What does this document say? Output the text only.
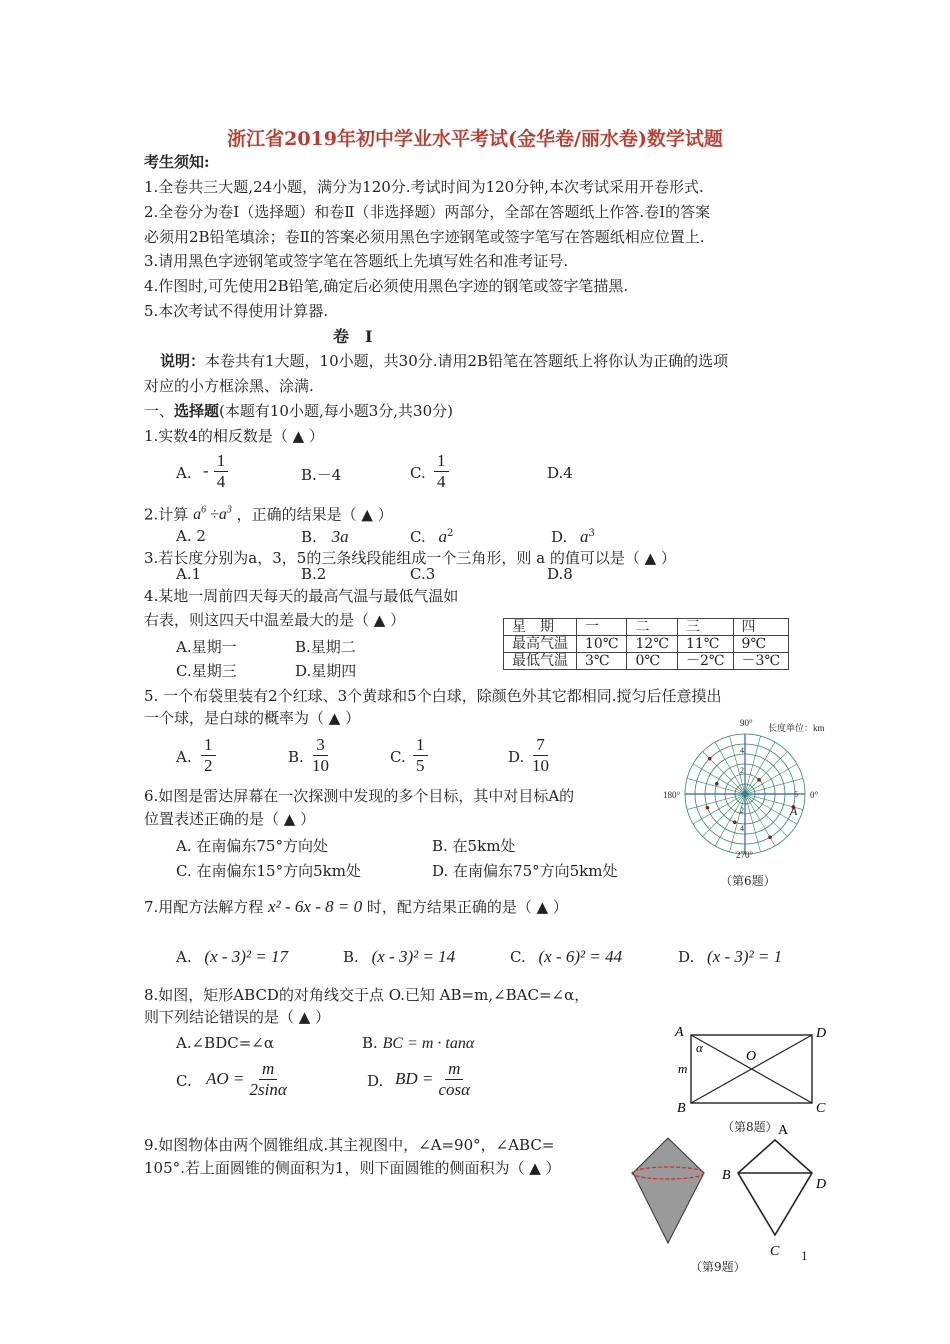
浙江省2019年初中学业水平考试(金华卷/丽水卷)数学试题
考生须知:
1.全卷共三大题,24小题，满分为120分.考试时间为120分钟,本次考试采用开卷形式.
2.全卷分为卷Ⅰ（选择题）和卷Ⅱ（非选择题）两部分，全部在答题纸上作答.卷Ⅰ的答案
必须用2B铅笔填涂；卷Ⅱ的答案必须用黑色字迹钢笔或签字笔写在答题纸相应位置上.
3.请用黑色字迹钢笔或签字笔在答题纸上先填写姓名和准考证号.
4.作图时,可先使用2B铅笔,确定后必须使用黑色字迹的钢笔或签字笔描黑.
5.本次考试不得使用计算器.
卷　Ⅰ
说明：本卷共有1大题，10小题，共30分.请用2B铅笔在答题纸上将你认为正确的选项
对应的小方框涂黑、涂满.
一、选择题(本题有10小题,每小题3分,共30分)
1.实数4的相反数是（ ▲ ）
A. - $\frac{1}{4}$	B.－4	C. $\frac{1}{4}$	D.4
2.计算 $a^6 \div a^3$ ，正确的结果是（ ▲ ）
A. 2	B. 3a	C. $a^2$	D. $a^3$
3.若长度分别为a，3，5的三条线段能组成一个三角形，则 a 的值可以是（ ▲ ）
A.1	B.2	C.3	D.8
4.某地一周前四天每天的最高气温与最低气温如
右表，则这四天中温差最大的是（ ▲ ）
A.星期一	B.星期二
C.星期三	D.星期四
星　期	一	二	三	四
最高气温	10℃	12℃	11℃	9℃
最低气温	3℃	0℃	－2℃	－3℃
5. 一个布袋里装有2个红球、3个黄球和5个白球，除颜色外其它都相同.搅匀后任意摸出
一个球，是白球的概率为（ ▲ ）
A. $\frac{1}{2}$	B. $\frac{3}{10}$	C. $\frac{1}{5}$	D. $\frac{7}{10}$
6.如图是雷达屏幕在一次探测中发现的多个目标，其中对目标A的
位置表述正确的是（ ▲ ）
A. 在南偏东75°方向处	B. 在5km处
C. 在南偏东15°方向5km处	D. 在南偏东75°方向5km处
90°
180°	0°
270°
长度单位：km
A
4
2
2
4
5
（第6题）
7.用配方法解方程 x² - 6x - 8 = 0 时，配方结果正确的是（ ▲ ）
A. (x - 3)² = 17	B. (x - 3)² = 14	C. (x - 6)² = 44	D. (x - 3)² = 1
8.如图，矩形ABCD的对角线交于点 O.已知 AB=m,∠BAC=∠α，
则下列结论错误的是（ ▲ ）
A.∠BDC=∠α	B. BC = m · tanα
C. AO = $\frac{m}{2\sin\alpha}$	D. BD = $\frac{m}{\cos\alpha}$
A
B	C
D
O
m
α
（第8题）
9.如图物体由两个圆锥组成.其主视图中，∠A=90°，∠ABC=
105°.若上面圆锥的侧面积为1，则下面圆锥的侧面积为（ ▲ ）
A
B
C
D
（第9题）
1
